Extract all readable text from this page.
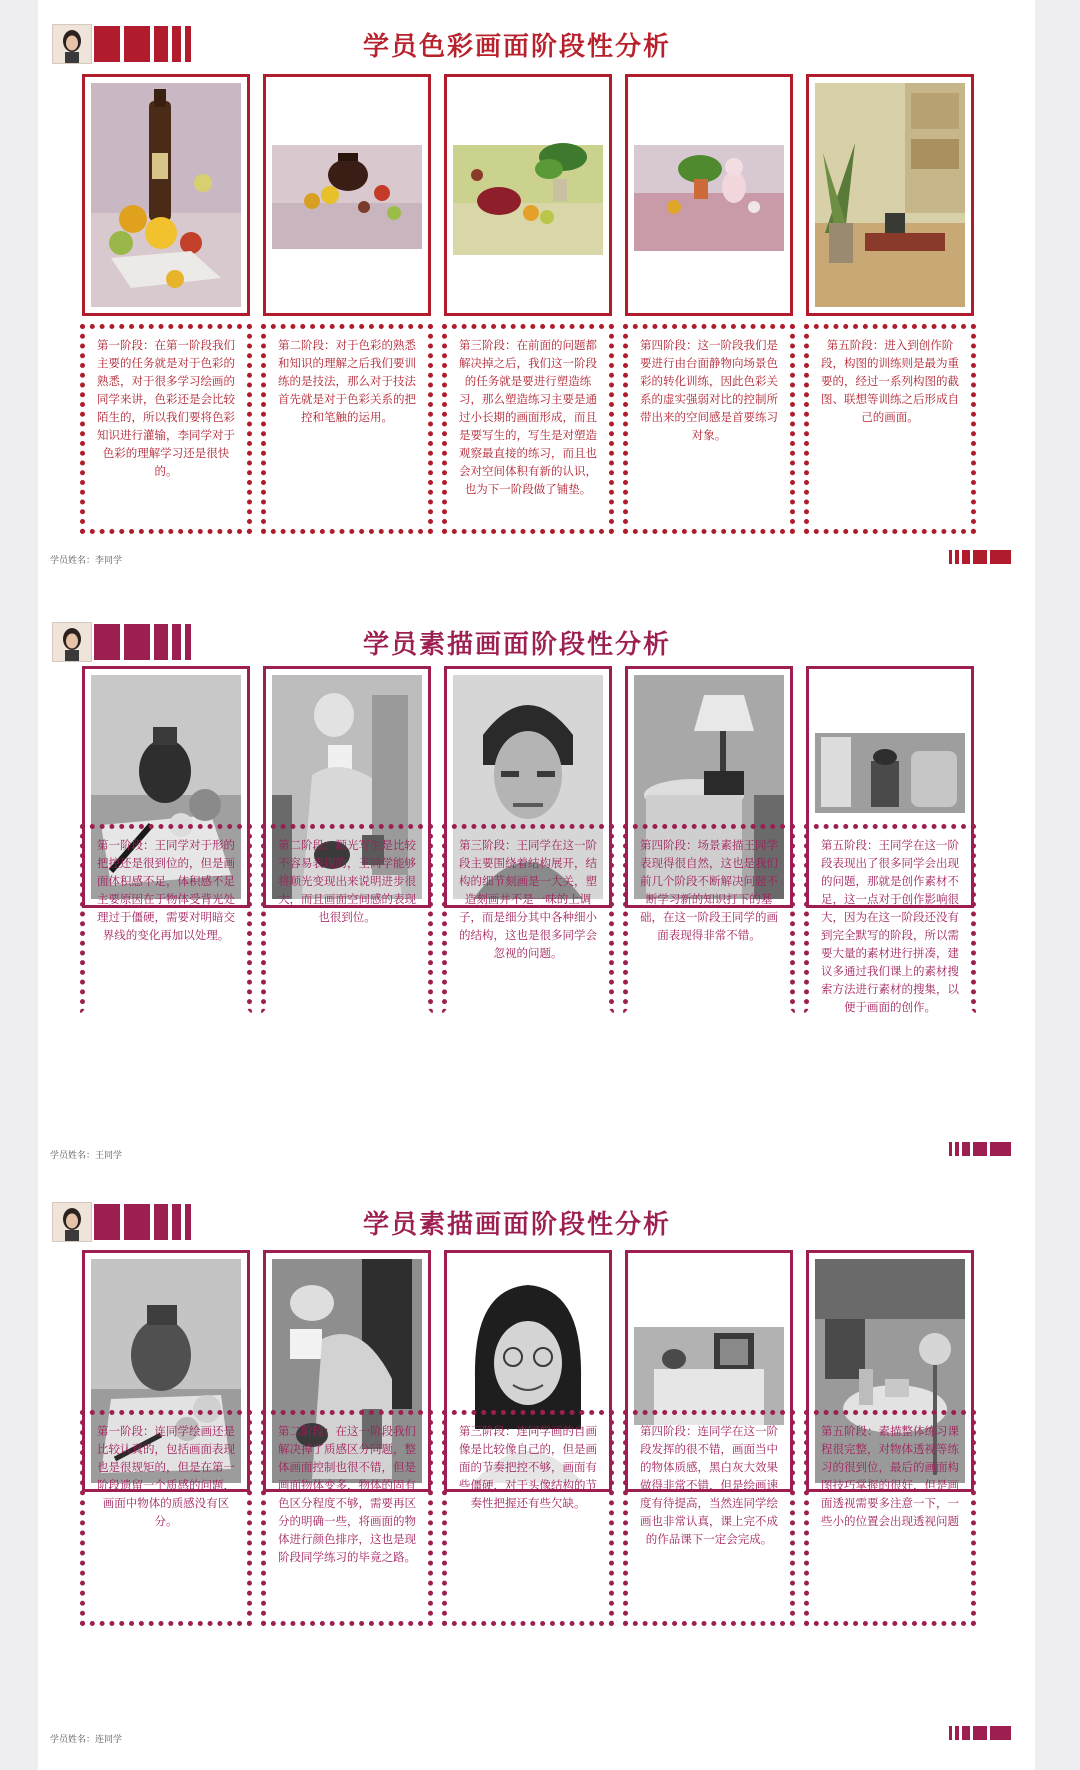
学员色彩画面阶段性分析
第一阶段：在第一阶段我们主要的任务就是对于色彩的熟悉，对于很多学习绘画的同学来讲，色彩还是会比较陌生的，所以我们要将色彩知识进行灌输，李同学对于色彩的理解学习还是很快的。
第二阶段：对于色彩的熟悉和知识的理解之后我们要训练的是技法，那么对于技法首先就是对于色彩关系的把控和笔触的运用。
第三阶段：在前面的问题都解决掉之后，我们这一阶段的任务就是要进行塑造练习，那么塑造练习主要是通过小长期的画面形成，而且是要写生的，写生是对塑造观察最直接的练习，而且也会对空间体积有新的认识，也为下一阶段做了铺垫。
第四阶段：这一阶段我们是要进行由台面静物向场景色彩的转化训练，因此色彩关系的虚实强弱对比的控制所带出来的空间感是首要练习对象。
第五阶段：进入到创作阶段，构图的训练则是最为重要的，经过一系列构图的截图、联想等训练之后形成自己的画面。
学员姓名：李同学
学员素描画面阶段性分析
第一阶段：王同学对于形的把控还是很到位的，但是画面体积感不足，体积感不足主要原因在于物体受背光处理过于僵硬，需要对明暗交界线的变化再加以处理。
第二阶段：顺光写生是比较不容易表现的，王同学能够将顺光变现出来说明进步很大，而且画面空间感的表现也很到位。
第三阶段：王同学在这一阶段主要围绕着结构展开，结构的细节刻画是一大关，塑造刻画并不是一味的上调子，而是细分其中各种细小的结构，这也是很多同学会忽视的问题。
第四阶段：场景素描王同学表现得很自然，这也是我们前几个阶段不断解决问题不断学习新的知识打下的基础，在这一阶段王同学的画面表现得非常不错。
第五阶段：王同学在这一阶段表现出了很多同学会出现的问题，那就是创作素材不足，这一点对于创作影响很大，因为在这一阶段还没有到完全默写的阶段，所以需要大量的素材进行拼凑，建议多通过我们课上的素材搜索方法进行素材的搜集，以便于画面的创作。
学员姓名：王同学
学员素描画面阶段性分析
第一阶段：连同学绘画还是比较认真的，包括画面表现也是很规矩的，但是在第一阶段遗留一个质感的问题，画面中物体的质感没有区分。
第二阶段：在这一阶段我们解决掉了质感区分问题，整体画面控制也很不错，但是画面物体变多，物体的固有色区分程度不够，需要再区分的明确一些，将画面的物体进行颜色排序，这也是现阶段同学练习的毕竟之路。
第三阶段：连同学画的自画像是比较像自己的，但是画面的节奏把控不够，画面有些僵硬，对于头像结构的节奏性把握还有些欠缺。
第四阶段：连同学在这一阶段发挥的很不错，画面当中的物体质感，黑白灰大效果做得非常不错，但是绘画速度有待提高，当然连同学绘画也非常认真，课上完不成的作品课下一定会完成。
第五阶段：素描整体练习课程很完整，对物体透视等练习的很到位，最后的画面构图技巧掌握的很好，但是画面透视需要多注意一下，一些小的位置会出现透视问题
学员姓名：连同学
